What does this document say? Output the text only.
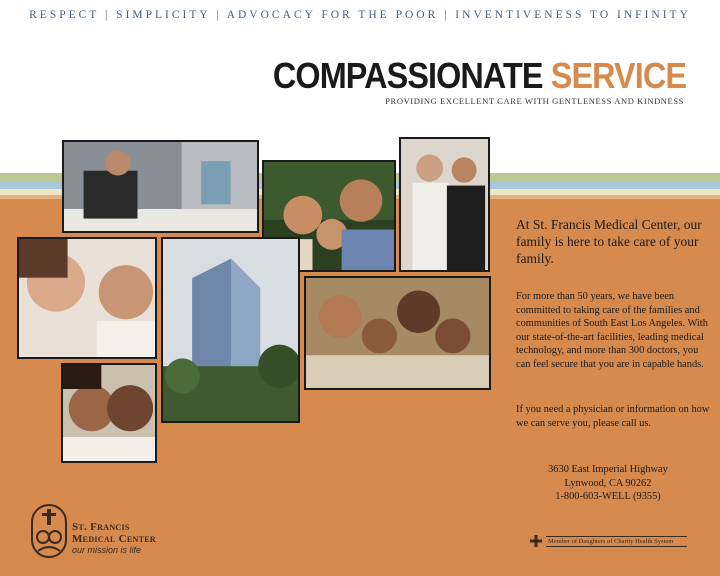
RESPECT | SIMPLICITY | ADVOCACY FOR THE POOR | INVENTIVENESS TO INFINITY
COMPASSIONATE SERVICE
PROVIDING EXCELLENT CARE WITH GENTLENESS AND KINDNESS
At St. Francis Medical Center, our family is here to take care of your family.
For more than 50 years, we have been committed to taking care of the families and communities of South East Los Angeles. With our state-of-the-art facilities, leading medical technology, and more than 300 doctors, you can feel secure that you are in capable hands.
If you need a physician or information on how we can serve you, please call us.
3630 East Imperial Highway
Lynwood, CA 90262
1-800-603-WELL (9355)
St. Francis
Medical Center
our mission is life
Member of Daughters of Charity Health System
